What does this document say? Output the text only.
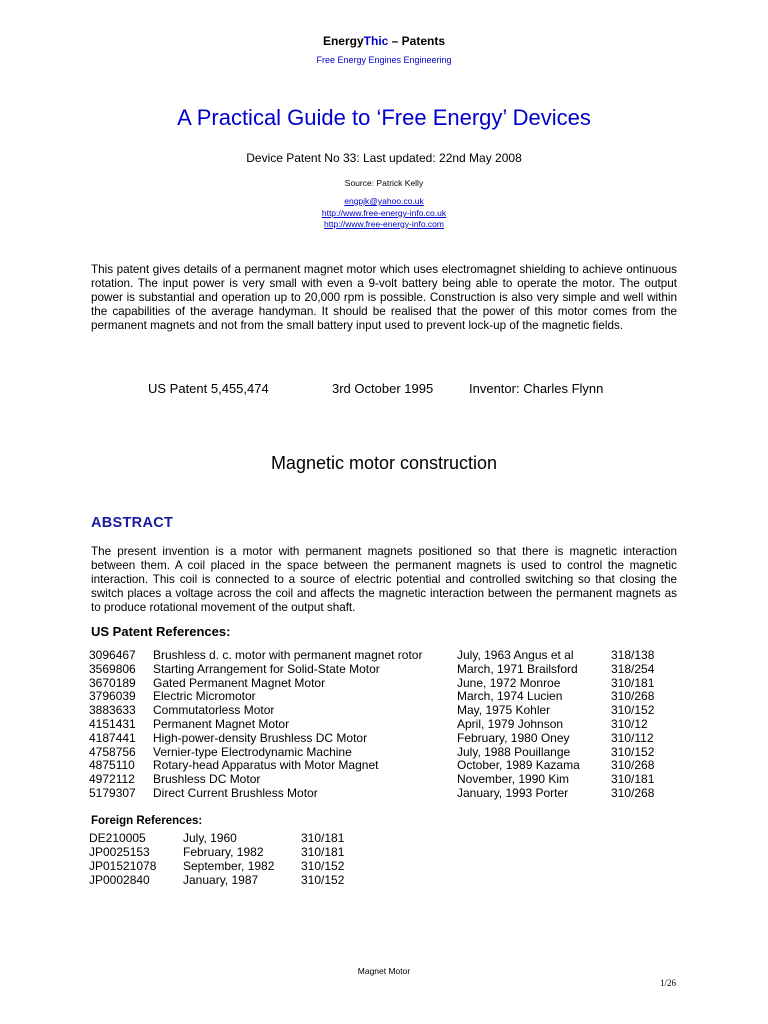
EnergyThic – Patents
Free Energy Engines Engineering
A Practical Guide to ‘Free Energy’ Devices
Device Patent No 33: Last updated: 22nd May 2008
Source: Patrick Kelly
engpjk@yahoo.co.uk
http://www.free-energy-info.co.uk
http://www.free-energy-info.com

This patent gives details of a permanent magnet motor which uses electromagnet shielding to achieve ontinuous rotation. The input power is very small with even a 9-volt battery being able to operate the motor. The output power is substantial and operation up to 20,000 rpm is possible. Construction is also very simple and well within the capabilities of the average handyman. It should be realised that the power of this motor comes from the permanent magnets and not from the small battery input used to prevent lock-up of the magnetic fields.

US Patent 5,455,474	3rd October 1995	Inventor: Charles Flynn
Magnetic motor construction
ABSTRACT

The present invention is a motor with permanent magnets positioned so that there is magnetic interaction between them. A coil placed in the space between the permanent magnets is used to control the magnetic interaction. This coil is connected to a source of electric potential and controlled switching so that closing the switch places a voltage across the coil and affects the magnetic interaction between the permanent magnets as to produce rotational movement of the output shaft.

US Patent References:
3096467	Brushless d. c. motor with permanent magnet rotor	July, 1963 Angus et al	318/138
3569806	Starting Arrangement for Solid-State Motor	March, 1971 Brailsford	318/254
3670189	Gated Permanent Magnet Motor	June, 1972 Monroe	310/181
3796039	Electric Micromotor	March, 1974 Lucien	310/268
3883633	Commutatorless Motor	May, 1975 Kohler	310/152
4151431	Permanent Magnet Motor	April, 1979 Johnson	310/12
4187441	High-power-density Brushless DC Motor	February, 1980 Oney	310/112
4758756	Vernier-type Electrodynamic Machine	July, 1988 Pouillange	310/152
4875110	Rotary-head Apparatus with Motor Magnet	October, 1989 Kazama	310/268
4972112	Brushless DC Motor	November, 1990 Kim	310/181
5179307	Direct Current Brushless Motor	January, 1993 Porter	310/268
Foreign References:
DE210005	July, 1960	310/181
JP0025153	February, 1982	310/181
JP01521078	September, 1982	310/152
JP0002840	January, 1987	310/152
Magnet Motor
1/26
